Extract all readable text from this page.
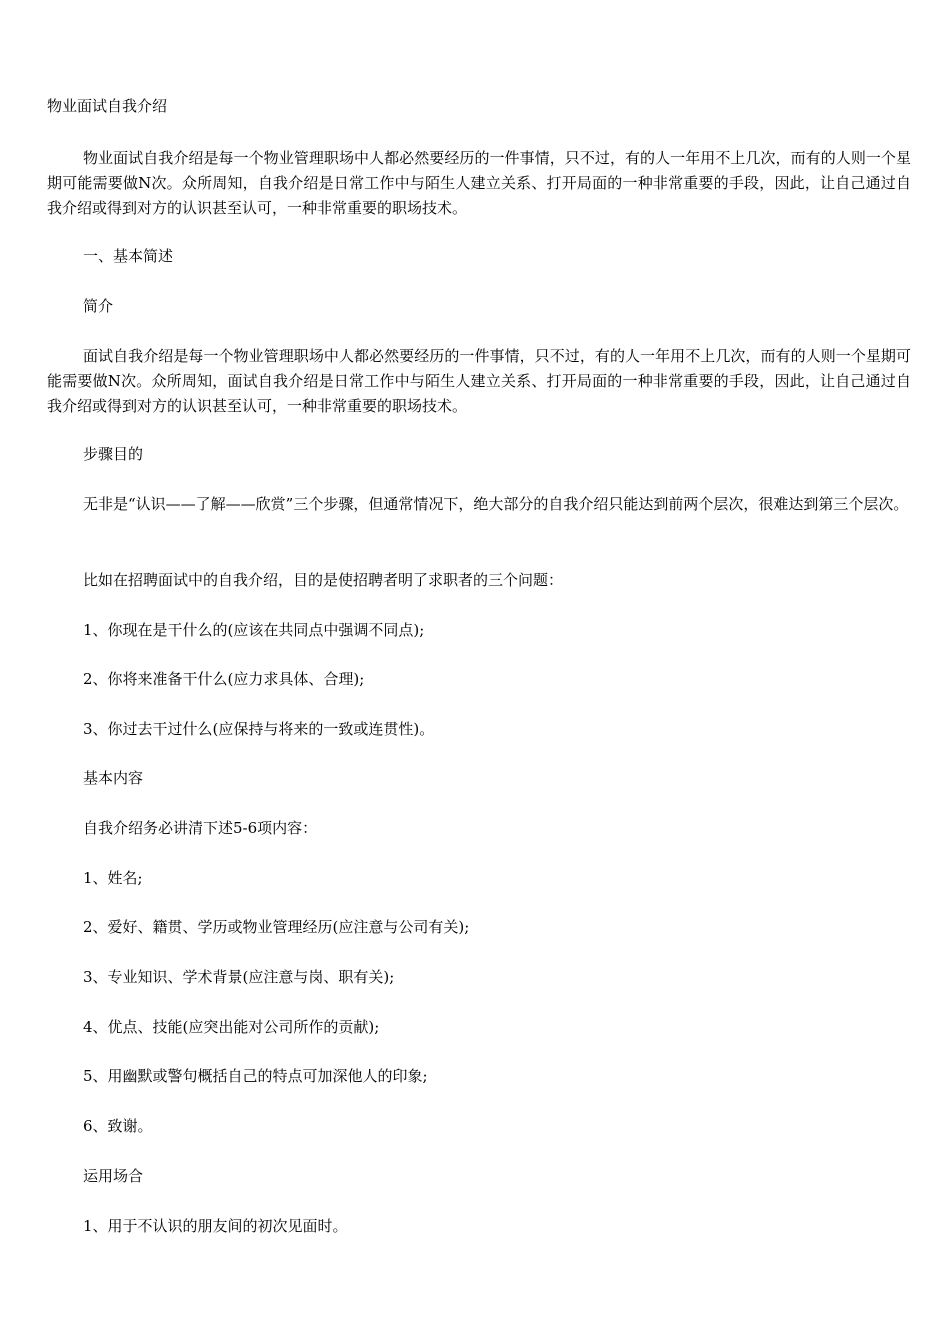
物业面试自我介绍
物业面试自我介绍是每一个物业管理职场中人都必然要经历的一件事情，只不过，有的人一年用不上几次，而有的人则一个星期可能需要做N次。众所周知，自我介绍是日常工作中与陌生人建立关系、打开局面的一种非常重要的手段，因此，让自己通过自我介绍或得到对方的认识甚至认可，一种非常重要的职场技术。
一、基本简述
简介
面试自我介绍是每一个物业管理职场中人都必然要经历的一件事情，只不过，有的人一年用不上几次，而有的人则一个星期可能需要做N次。众所周知，面试自我介绍是日常工作中与陌生人建立关系、打开局面的一种非常重要的手段，因此，让自己通过自我介绍或得到对方的认识甚至认可，一种非常重要的职场技术。
步骤目的
无非是“认识——了解——欣赏”三个步骤，但通常情况下，绝大部分的自我介绍只能达到前两个层次，很难达到第三个层次。
比如在招聘面试中的自我介绍，目的是使招聘者明了求职者的三个问题：
1、你现在是干什么的(应该在共同点中强调不同点);
2、你将来准备干什么(应力求具体、合理);
3、你过去干过什么(应保持与将来的一致或连贯性)。
基本内容
自我介绍务必讲清下述5-6项内容：
1、姓名;
2、爱好、籍贯、学历或物业管理经历(应注意与公司有关);
3、专业知识、学术背景(应注意与岗、职有关);
4、优点、技能(应突出能对公司所作的贡献);
5、用幽默或警句概括自己的特点可加深他人的印象;
6、致谢。
运用场合
1、用于不认识的朋友间的初次见面时。
